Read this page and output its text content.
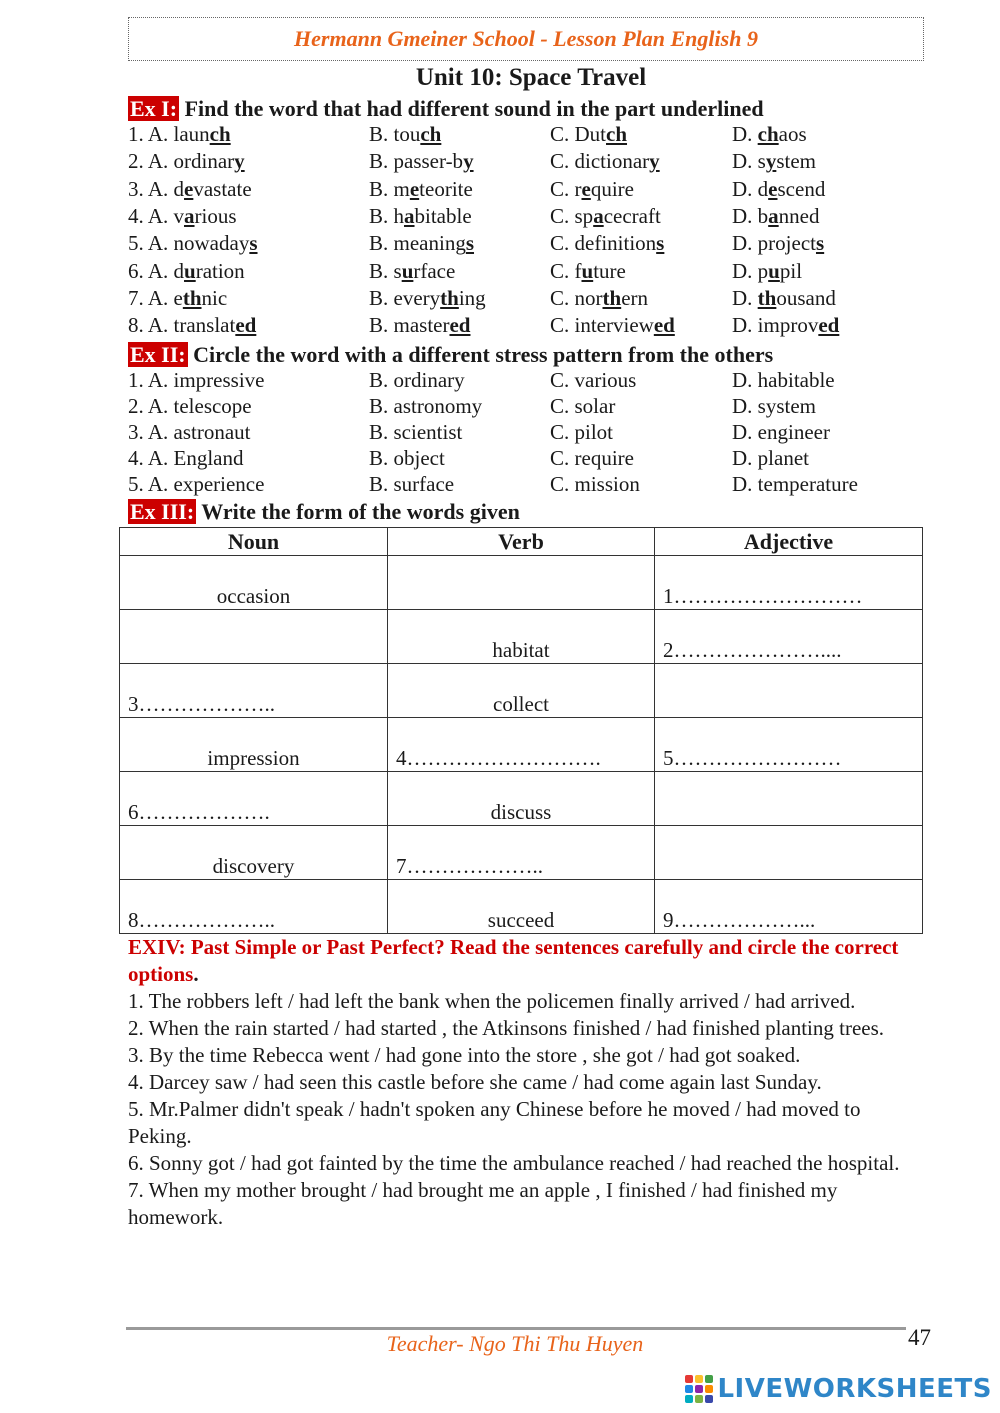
Hermann Gmeiner School - Lesson Plan English 9
Unit 10: Space Travel
Ex I: Find the word that had different sound in the part underlined
1. A. launch	B. touch	C. Dutch	D. chaos
2. A. ordinary	B. passer-by	C. dictionary	D. system
3. A. devastate	B. meteorite	C. require	D. descend
4. A. various	B. habitable	C. spacecraft	D. banned
5. A. nowadays	B. meanings	C. definitions	D. projects
6. A. duration	B. surface	C. future	D. pupil
7. A. ethnic	B. everything	C. northern	D. thousand
8. A. translated	B. mastered	C. interviewed	D. improved
Ex II: Circle the word with a different stress pattern from the others
1. A. impressive	B. ordinary	C. various	D. habitable
2. A. telescope	B. astronomy	C. solar	D. system
3. A. astronaut	B. scientist	C. pilot	D. engineer
4. A. England	B. object	C. require	D. planet
5. A. experience	B. surface	C. mission	D. temperature
Ex III: Write the form of the words given
Noun	Verb	Adjective
occasion		1………………………
	habitat	2…………………....
3………………..	collect	
impression	4……………………….	5……………………
6……………….	discuss	
discovery	7………………..	
8………………..	succeed	9………………...
EXIV: Past Simple or Past Perfect? Read the sentences carefully and circle the correct options.

1. The robbers left / had left the bank when the policemen finally arrived / had arrived.

2. When the rain started / had started , the Atkinsons finished / had finished planting trees.

3. By the time Rebecca went / had gone into the store , she got / had got soaked.

4. Darcey saw / had seen this castle before she came / had come again last Sunday.

5. Mr.Palmer didn't speak / hadn't spoken any Chinese before he moved / had moved to Peking.

6. Sonny got / had got fainted by the time the ambulance reached / had reached the hospital.

7. When my mother brought / had brought me an apple , I finished / had finished my homework.

Teacher- Ngo Thi Thu Huyen	47
LIVEWORKSHEETS
